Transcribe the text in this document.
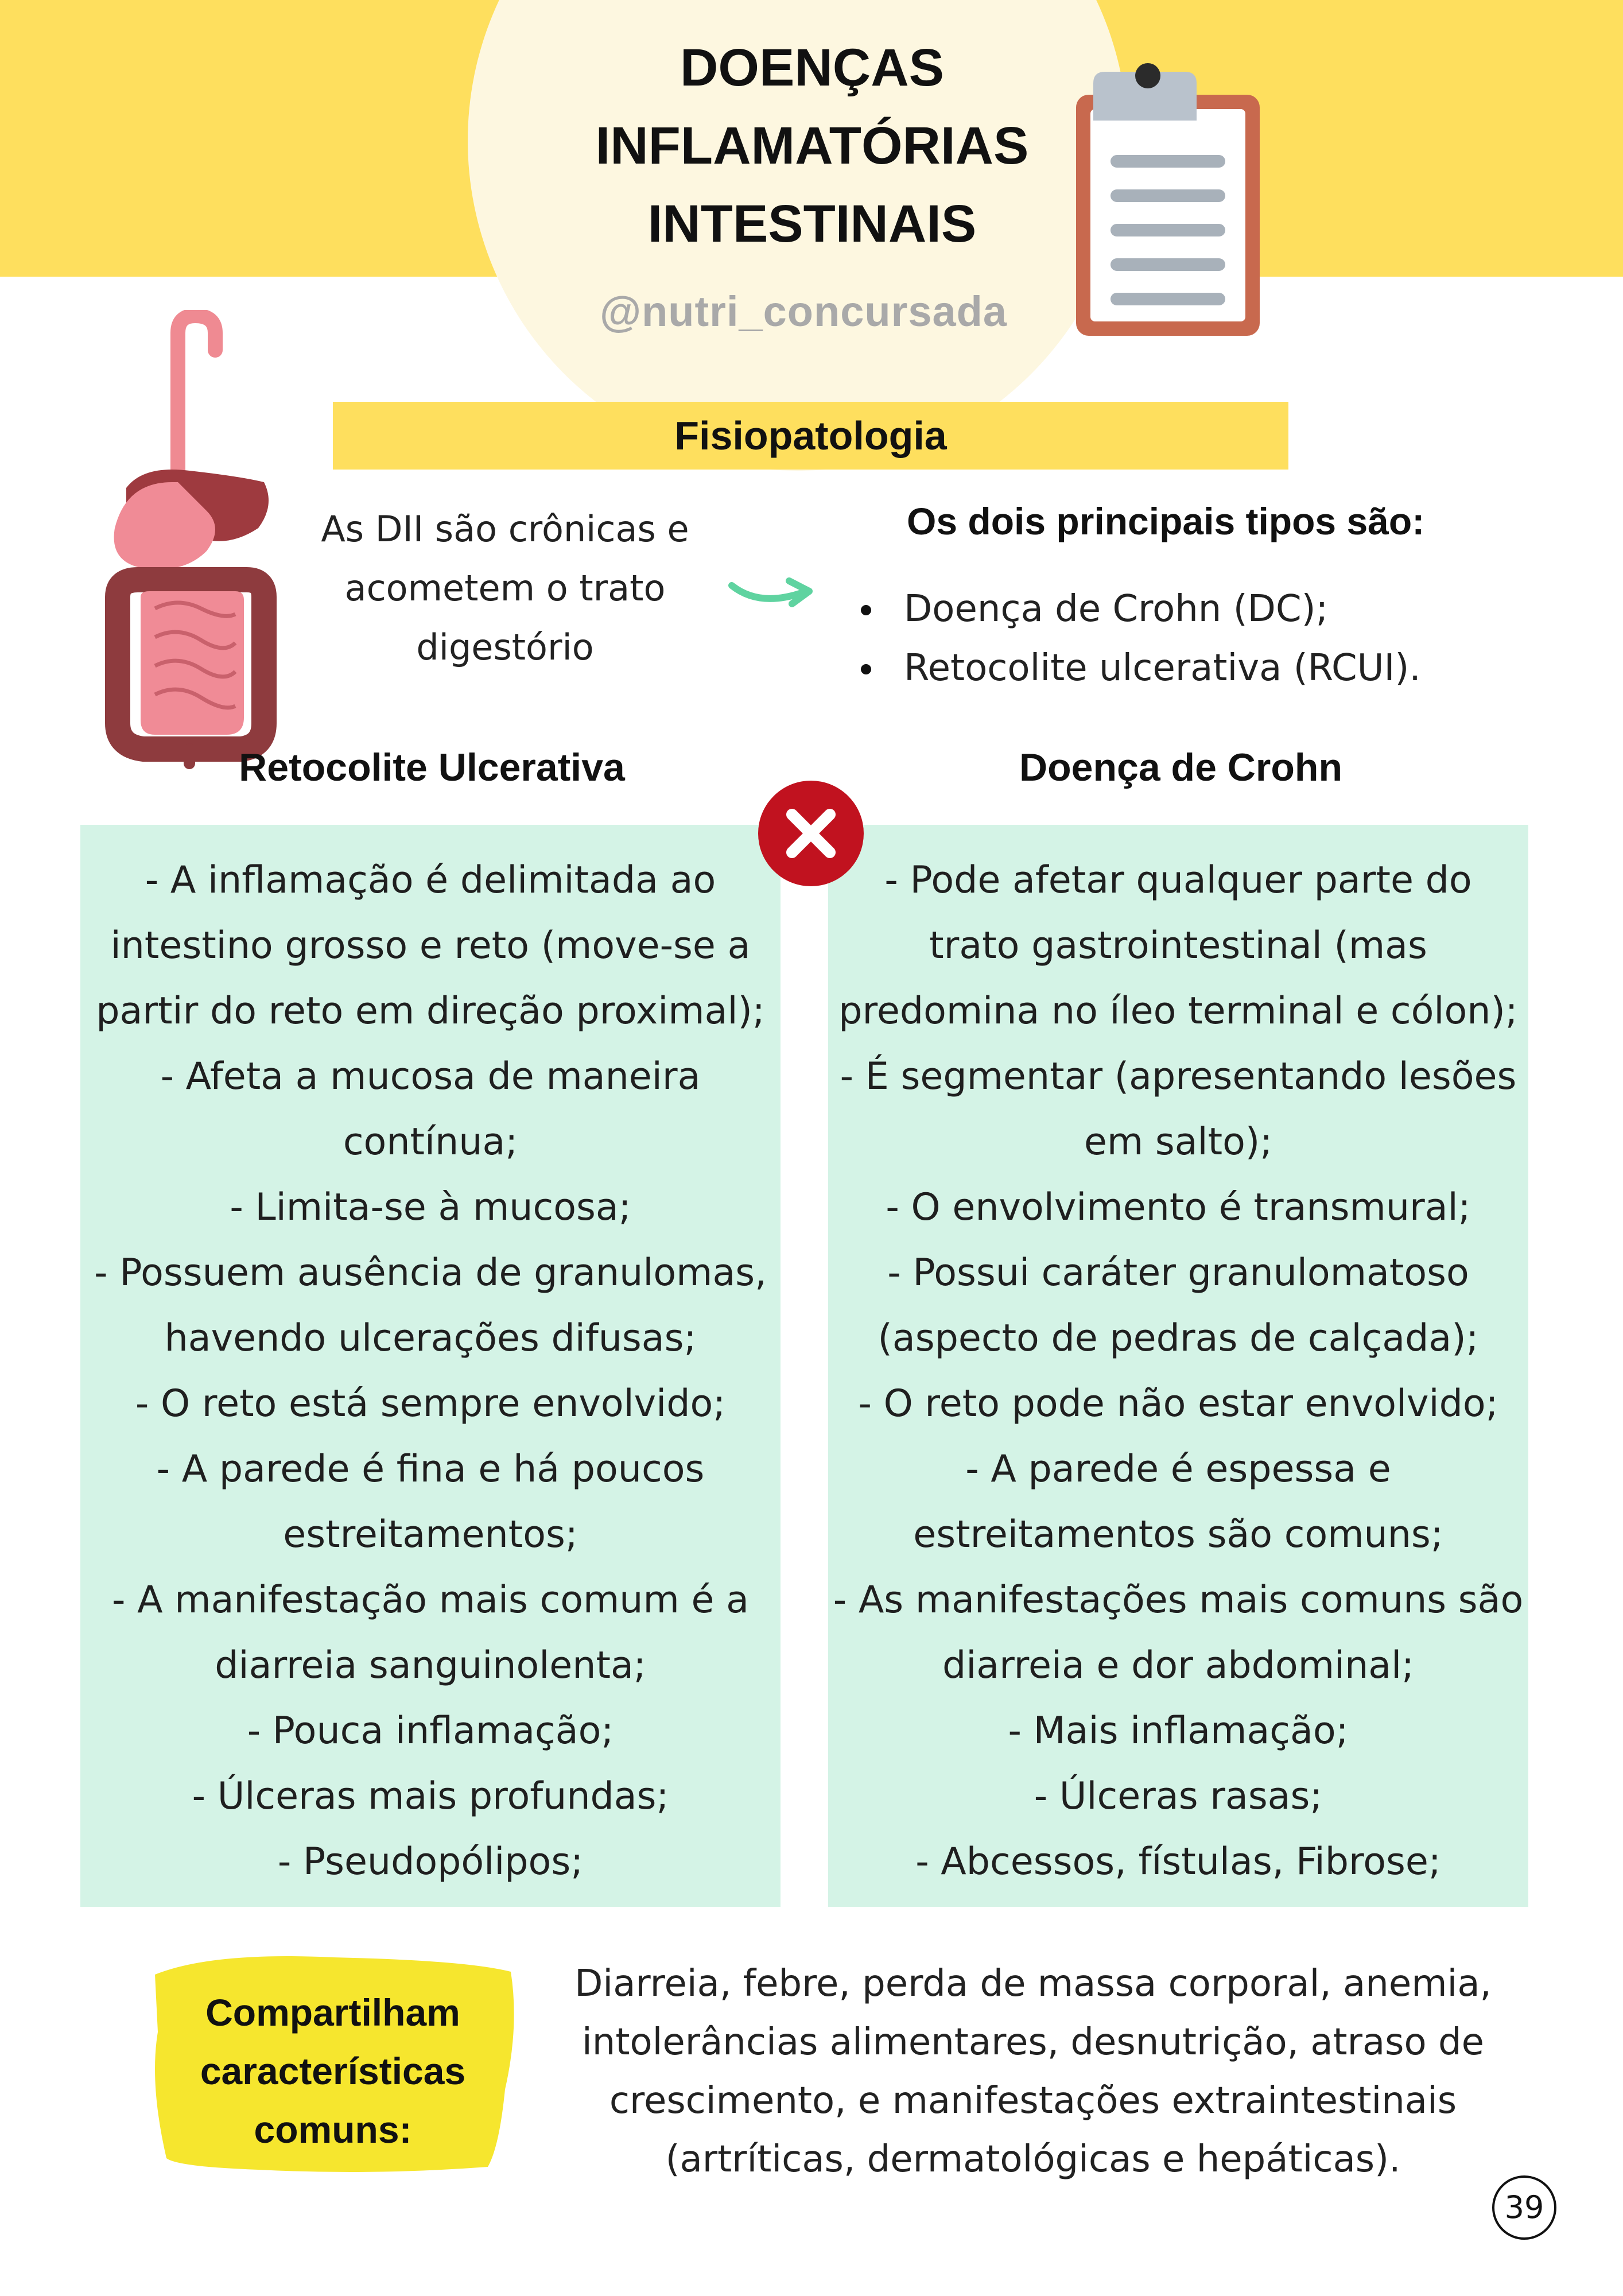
DOENÇAS
INFLAMATÓRIAS
INTESTINAIS
@nutri_concursada
Fisiopatologia
As DII são crônicas e
acometem o trato
digestório
Os dois principais tipos são:
Doença de Crohn (DC);
Retocolite ulcerativa (RCUI).
Retocolite Ulcerativa	Doença de Crohn
- A inflamação é delimitada ao
intestino grosso e reto (move-se a
partir do reto em direção proximal);
- Afeta a mucosa de maneira
contínua;
- Limita-se à mucosa;
- Possuem ausência de granulomas,
havendo ulcerações difusas;
- O reto está sempre envolvido;
- A parede é fina e há poucos
estreitamentos;
- A manifestação mais comum é a
diarreia sanguinolenta;
- Pouca inflamação;
- Úlceras mais profundas;
- Pseudopólipos;
- Pode afetar qualquer parte do
trato gastrointestinal (mas
predomina no íleo terminal e cólon);
- É segmentar (apresentando lesões
em salto);
- O envolvimento é transmural;
- Possui caráter granulomatoso
(aspecto de pedras de calçada);
- O reto pode não estar envolvido;
- A parede é espessa e
estreitamentos são comuns;
- As manifestações mais comuns são
diarreia e dor abdominal;
- Mais inflamação;
- Úlceras rasas;
- Abcessos, fístulas, Fibrose;
Compartilham
características
comuns:
Diarreia, febre, perda de massa corporal, anemia,
intolerâncias alimentares, desnutrição, atraso de
crescimento, e manifestações extraintestinais
(artríticas, dermatológicas e hepáticas).
39
